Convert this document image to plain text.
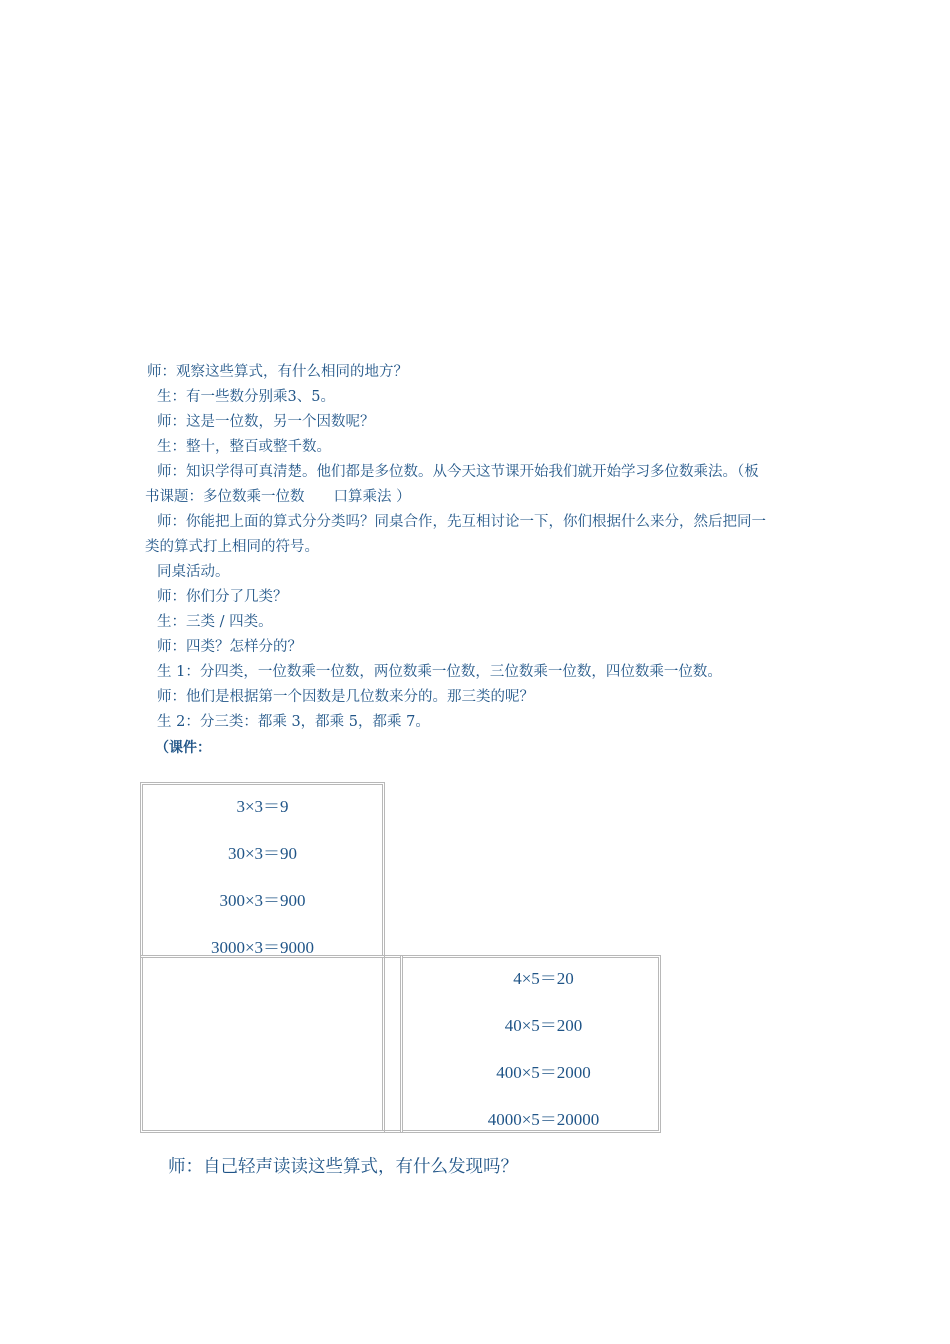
师：观察这些算式，有什么相同的地方？
生：有一些数分别乘3、5。
师：这是一位数，另一个因数呢？
生：整十，整百或整千数。
师：知识学得可真清楚。他们都是多位数。从今天这节课开始我们就开始学习多位数乘法。（板
书课题：多位数乘一位数　　口算乘法 ）
师：你能把上面的算式分分类吗？同桌合作，先互相讨论一下，你们根据什么来分，然后把同一
类的算式打上相同的符号。
同桌活动。
师：你们分了几类？
生：三类 / 四类。
师：四类？怎样分的？
生 1：分四类，一位数乘一位数，两位数乘一位数，三位数乘一位数，四位数乘一位数。
师：他们是根据第一个因数是几位数来分的。那三类的呢？
生 2：分三类：都乘 3，都乘 5，都乘 7。
（课件：
3×3＝9
30×3＝90
300×3＝900
3000×3＝9000
4×5＝20
40×5＝200
400×5＝2000
4000×5＝20000
师：自己轻声读读这些算式，有什么发现吗？
